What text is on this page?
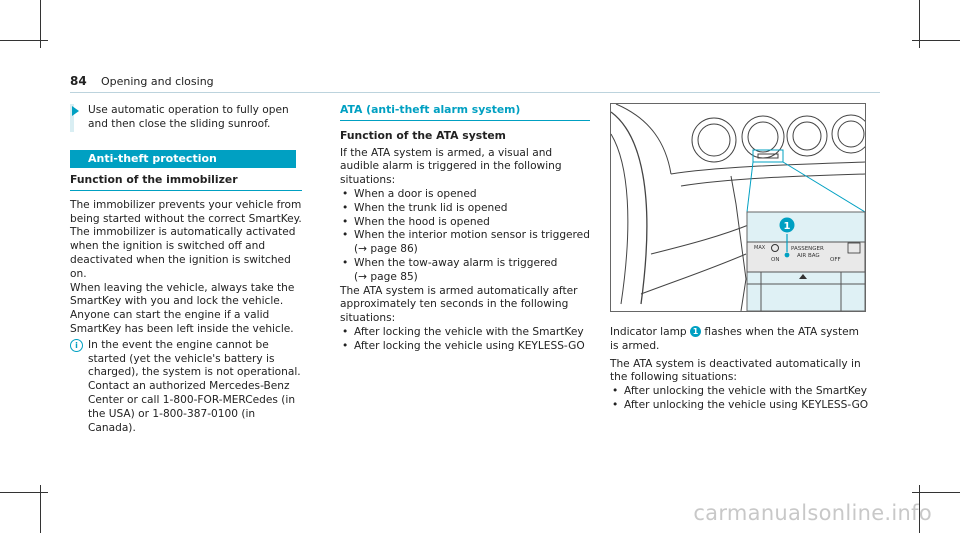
84 Opening and closing

Use automatic operation to fully open and then close the sliding sunroof.

Anti-theft protection
Function of the immobilizer

The immobilizer prevents your vehicle from being started without the correct SmartKey.

The immobilizer is automatically activated when the ignition is switched off and deactivated when the ignition is switched on.

When leaving the vehicle, always take the SmartKey with you and lock the vehicle. Anyone can start the engine if a valid SmartKey has been left inside the vehicle.

i In the event the engine cannot be started (yet the vehicle's battery is charged), the system is not operational. Contact an authorized Mercedes-Benz Center or call 1-800-FOR-MERCedes (in the USA) or 1-800-387-0100 (in Canada).

ATA (anti-theft alarm system)
Function of the ATA system

If the ATA system is armed, a visual and audible alarm is triggered in the following situations:

• When a door is opened
• When the trunk lid is opened
• When the hood is opened
• When the interior motion sensor is triggered
(→ page 86)
• When the tow-away alarm is triggered
(→ page 85)

The ATA system is armed automatically after approximately ten seconds in the following situations:

• After locking the vehicle with the SmartKey
• After locking the vehicle using KEYLESS-GO
1
MAX
ON
PASSENGER
AIR BAG
OFF

Indicator lamp 1 flashes when the ATA system is armed.

The ATA system is deactivated automatically in the following situations:

• After unlocking the vehicle with the SmartKey
• After unlocking the vehicle using KEYLESS-GO
carmanualsonline.info
